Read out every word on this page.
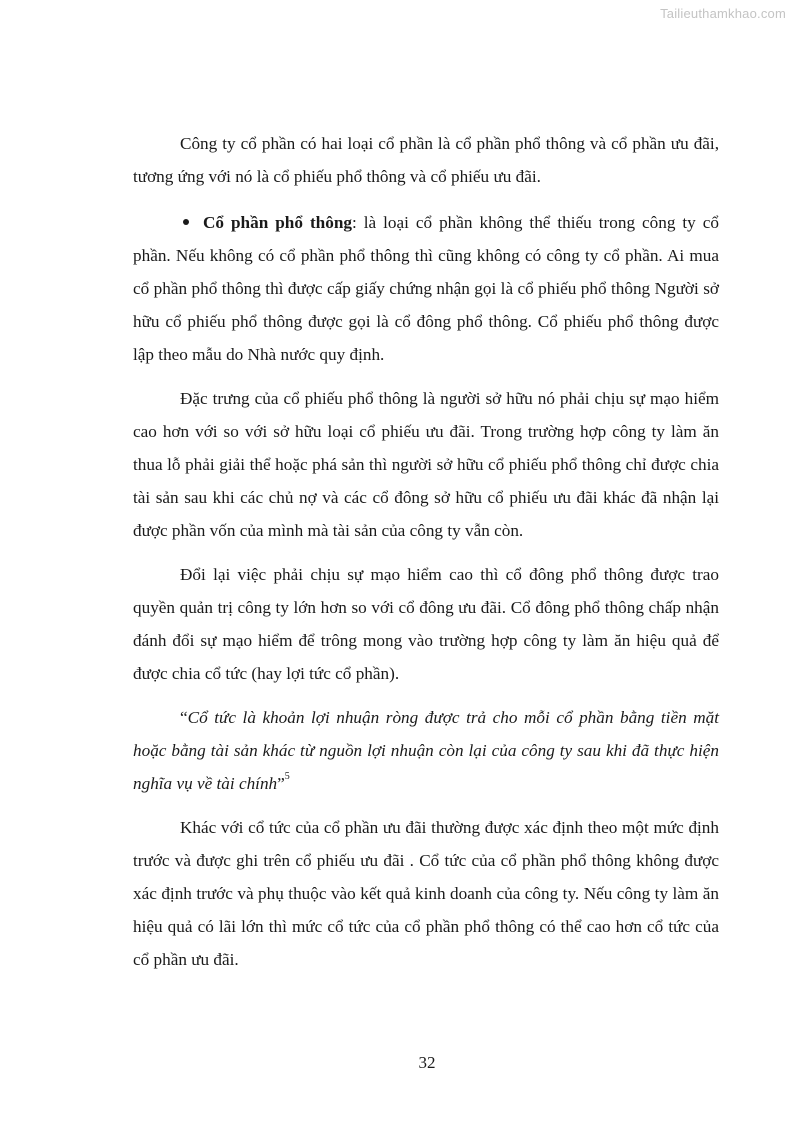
Tailieuthamkhao.com

Công ty cổ phần có hai loại cổ phần là cổ phần phổ thông và cổ phần ưu đãi, tương ứng với nó là cổ phiếu phổ thông và cổ phiếu ưu đãi.

Cổ phần phổ thông: là loại cổ phần không thể thiếu trong công ty cổ phần. Nếu không có cổ phần phổ thông thì cũng không có công ty cổ phần. Ai mua cổ phần phổ thông thì được cấp giấy chứng nhận gọi là cổ phiếu phổ thông Người sở hữu cổ phiếu phổ thông được gọi là cổ đông phổ thông. Cổ phiếu phổ thông được lập theo mẫu do Nhà nước quy định.

Đặc trưng của cổ phiếu phổ thông là người sở hữu nó phải chịu sự mạo hiểm cao hơn với so với sở hữu loại cổ phiếu ưu đãi. Trong trường hợp công ty làm ăn thua lỗ phải giải thể hoặc phá sản thì người sở hữu cổ phiếu phổ thông chỉ được chia tài sản sau khi các chủ nợ và các cổ đông sở hữu cổ phiếu ưu đãi khác đã nhận lại được phần vốn của mình mà tài sản của công ty vẫn còn.

Đổi lại việc phải chịu sự mạo hiểm cao thì cổ đông phổ thông được trao quyền quản trị công ty lớn hơn so với cổ đông ưu đãi. Cổ đông phổ thông chấp nhận đánh đổi sự mạo hiểm để trông mong vào trường hợp công ty làm ăn hiệu quả để được chia cổ tức (hay lợi tức cổ phần).

“Cổ tức là khoản lợi nhuận ròng được trả cho mỗi cổ phần bằng tiền mặt hoặc bằng tài sản khác từ nguồn lợi nhuận còn lại của công ty sau khi đã thực hiện nghĩa vụ về tài chính”$^5$

Khác với cổ tức của cổ phần ưu đãi thường được xác định theo một mức định trước và được ghi trên cổ phiếu ưu đãi . Cổ tức của cổ phần phổ thông không được xác định trước và phụ thuộc vào kết quả kinh doanh của công ty. Nếu công ty làm ăn hiệu quả có lãi lớn thì mức cổ tức của cổ phần phổ thông có thể cao hơn cổ tức của cổ phần ưu đãi.

32
